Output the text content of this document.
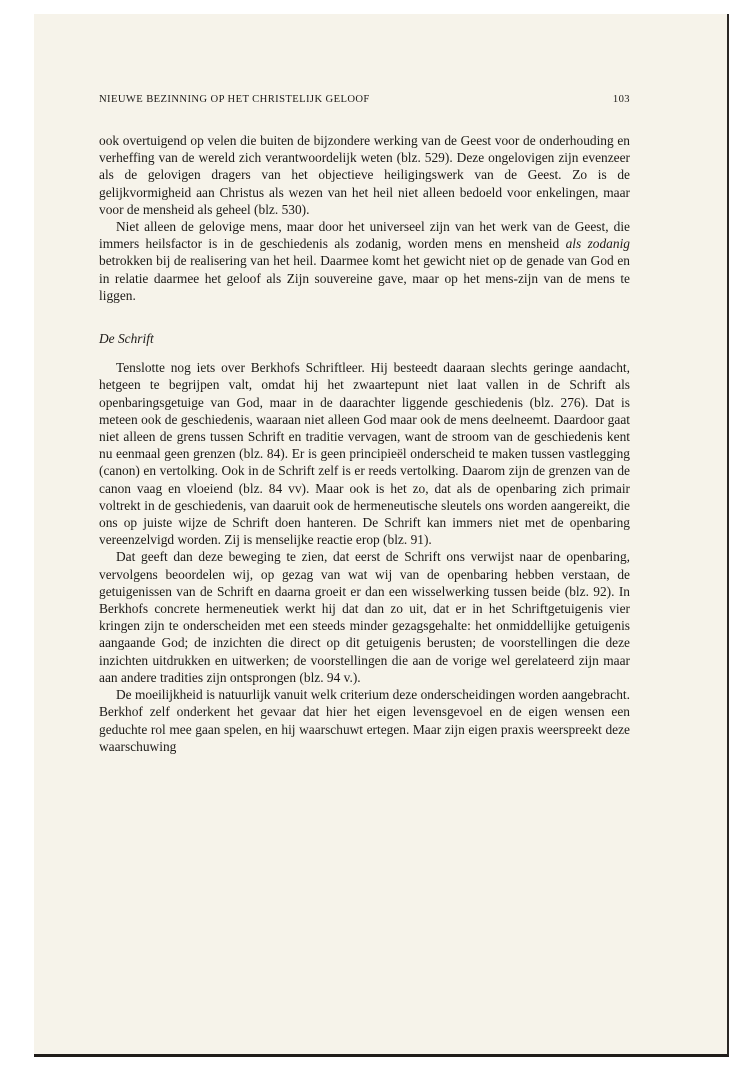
NIEUWE BEZINNING OP HET CHRISTELIJK GELOOF	103

ook overtuigend op velen die buiten de bijzondere werking van de Geest voor de onderhouding en verheffing van de wereld zich verantwoordelijk weten (blz. 529). Deze ongelovigen zijn evenzeer als de gelovigen dragers van het objectieve heiligingswerk van de Geest. Zo is de gelijkvormigheid aan Christus als wezen van het heil niet alleen bedoeld voor enkelingen, maar voor de mensheid als geheel (blz. 530).

Niet alleen de gelovige mens, maar door het universeel zijn van het werk van de Geest, die immers heilsfactor is in de geschiedenis als zodanig, worden mens en mensheid als zodanig betrokken bij de realisering van het heil. Daarmee komt het gewicht niet op de genade van God en in relatie daarmee het geloof als Zijn souvereine gave, maar op het mens-zijn van de mens te liggen.

De Schrift

Tenslotte nog iets over Berkhofs Schriftleer. Hij besteedt daaraan slechts geringe aandacht, hetgeen te begrijpen valt, omdat hij het zwaartepunt niet laat vallen in de Schrift als openbaringsgetuige van God, maar in de daarachter liggende geschiedenis (blz. 276). Dat is meteen ook de geschiedenis, waaraan niet alleen God maar ook de mens deelneemt. Daardoor gaat niet alleen de grens tussen Schrift en traditie vervagen, want de stroom van de geschiedenis kent nu eenmaal geen grenzen (blz. 84). Er is geen principieël onderscheid te maken tussen vastlegging (canon) en vertolking. Ook in de Schrift zelf is er reeds vertolking. Daarom zijn de grenzen van de canon vaag en vloeiend (blz. 84 vv). Maar ook is het zo, dat als de openbaring zich primair voltrekt in de geschiedenis, van daaruit ook de hermeneutische sleutels ons worden aangereikt, die ons op juiste wijze de Schrift doen hanteren. De Schrift kan immers niet met de openbaring vereenzelvigd worden. Zij is menselijke reactie erop (blz. 91).

Dat geeft dan deze beweging te zien, dat eerst de Schrift ons verwijst naar de openbaring, vervolgens beoordelen wij, op gezag van wat wij van de openbaring hebben verstaan, de getuigenissen van de Schrift en daarna groeit er dan een wisselwerking tussen beide (blz. 92). In Berkhofs concrete hermeneutiek werkt hij dat dan zo uit, dat er in het Schriftgetuigenis vier kringen zijn te onderscheiden met een steeds minder gezagsgehalte: het onmiddellijke getuigenis aangaande God; de inzichten die direct op dit getuigenis berusten; de voorstellingen die deze inzichten uitdrukken en uitwerken; de voorstellingen die aan de vorige wel gerelateerd zijn maar aan andere tradities zijn ontsprongen (blz. 94 v.).

De moeilijkheid is natuurlijk vanuit welk criterium deze onderscheidingen worden aangebracht. Berkhof zelf onderkent het gevaar dat hier het eigen levensgevoel en de eigen wensen een geduchte rol mee gaan spelen, en hij waarschuwt ertegen. Maar zijn eigen praxis weerspreekt deze waarschuwing
